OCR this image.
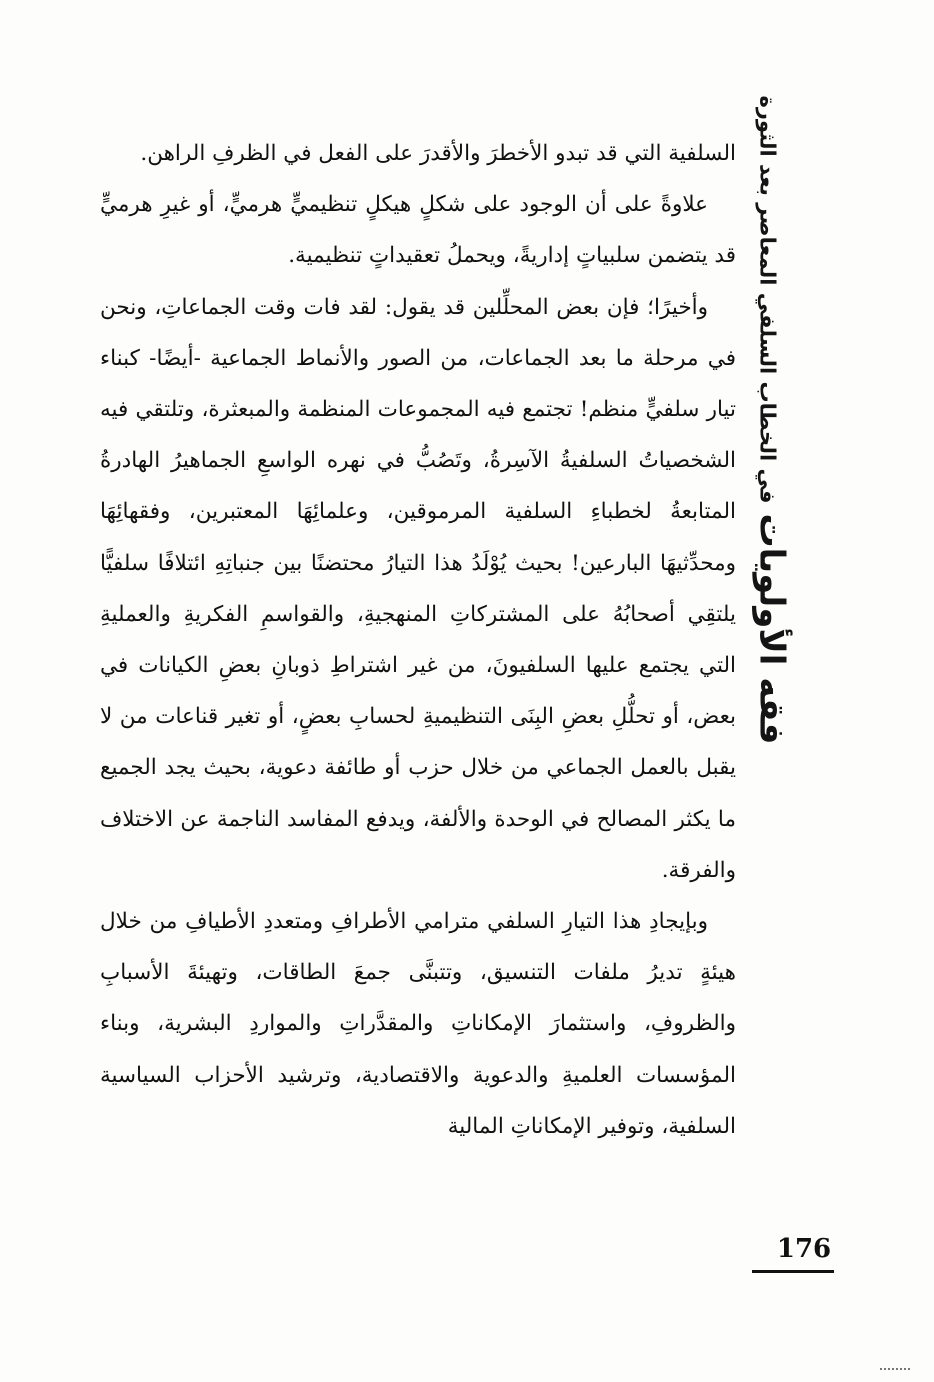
فقه الأولويات
في الخطاب السلفي المعاصر بعد الثورة

السلفية التي قد تبدو الأخطرَ والأقدرَ على الفعل في الظرفِ الراهن.

علاوةً على أن الوجود على شكلٍ هيكلٍ تنظيميٍّ هرميٍّ، أو غيرِ هرميٍّ قد يتضمن سلبياتٍ إداريةً، ويحملُ تعقيداتٍ تنظيمية.

وأخيرًا؛ فإن بعض المحلِّلين قد يقول: لقد فات وقت الجماعاتِ، ونحن في مرحلة ما بعد الجماعات، من الصور والأنماط الجماعية -أيضًا- كبناء تيار سلفيٍّ منظم! تجتمع فيه المجموعات المنظمة والمبعثرة، وتلتقي فيه الشخصياتُ السلفيةُ الآسِرةُ، وتَصُبُّ في نهره الواسعِ الجماهيرُ الهادرةُ المتابعةُ لخطباءِ السلفية المرموقين، وعلمائِهَا المعتبرين، وفقهائِهَا ومحدِّثيهَا البارعين! بحيث يُوْلَدُ هذا التيارُ محتضنًا بين جنباتِهِ ائتلافًا سلفيًّا يلتقِي أصحابُهُ على المشتركاتِ المنهجيةِ، والقواسمِ الفكريةِ والعمليةِ التي يجتمع عليها السلفيونَ، من غير اشتراطِ ذوبانِ بعضِ الكيانات في بعض، أو تحلُّلِ بعضِ البِنَى التنظيميةِ لحسابِ بعضٍ، أو تغير قناعات من لا يقبل بالعمل الجماعي من خلال حزب أو طائفة دعوية، بحيث يجد الجميع ما يكثر المصالح في الوحدة والألفة، ويدفع المفاسد الناجمة عن الاختلاف والفرقة.

وبإيجادِ هذا التيارِ السلفي مترامي الأطرافِ ومتعددِ الأطيافِ من خلال هيئةٍ تديرُ ملفات التنسيق، وتتبنَّى جمعَ الطاقات، وتهيئةَ الأسبابِ والظروفِ، واستثمارَ الإمكاناتِ والمقدَّراتِ والمواردِ البشرية، وبناء المؤسسات العلميةِ والدعوية والاقتصادية، وترشيد الأحزاب السياسية السلفية، وتوفير الإمكاناتِ المالية

176
